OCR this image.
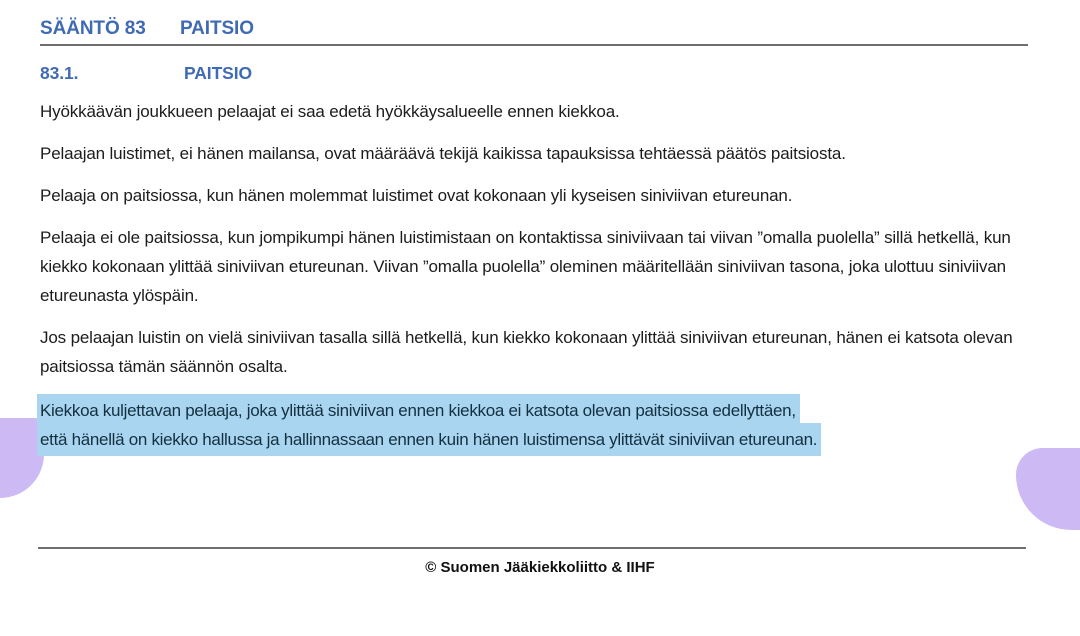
SÄÄNTÖ 83 PAITSIO
83.1.	PAITSIO

Hyökkäävän joukkueen pelaajat ei saa edetä hyökkäysalueelle ennen kiekkoa.

Pelaajan luistimet, ei hänen mailansa, ovat määräävä tekijä kaikissa tapauksissa tehtäessä päätös paitsiosta.

Pelaaja on paitsiossa, kun hänen molemmat luistimet ovat kokonaan yli kyseisen siniviivan etureunan.

Pelaaja ei ole paitsiossa, kun jompikumpi hänen luistimistaan on kontaktissa siniviivaan tai viivan ”omalla puolella” sillä hetkellä, kun kiekko kokonaan ylittää siniviivan etureunan. Viivan ”omalla puolella” oleminen määritellään siniviivan tasona, joka ulottuu siniviivan etureunasta ylöspäin.

Jos pelaajan luistin on vielä siniviivan tasalla sillä hetkellä, kun kiekko kokonaan ylittää siniviivan etureunan, hänen ei katsota olevan paitsiossa tämän säännön osalta.

Kiekkoa kuljettavan pelaaja, joka ylittää siniviivan ennen kiekkoa ei katsota olevan paitsiossa edellyttäen,
että hänellä on kiekko hallussa ja hallinnassaan ennen kuin hänen luistimensa ylittävät siniviivan etureunan.
© Suomen Jääkiekkoliitto & IIHF
